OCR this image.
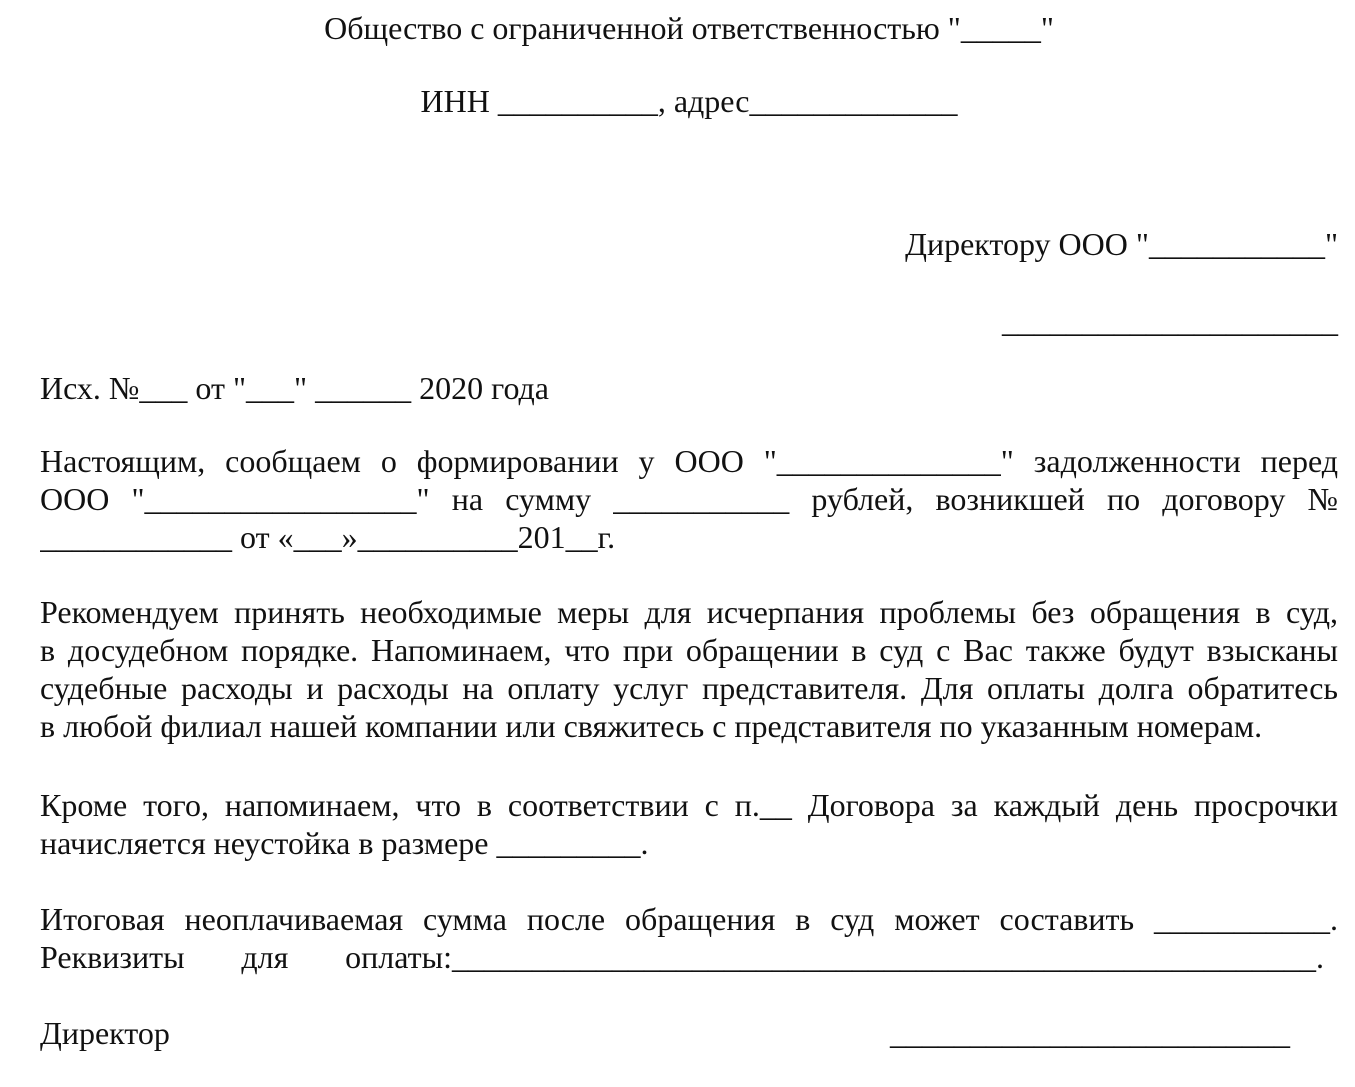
Общество с ограниченной ответственностью "_____"
ИНН __________, адрес_____________
Директору ООО "___________"
_____________________
Исх. №___ от "___" ______ 2020 года
Настоящим, сообщаем о формировании у ООО "______________" задолженности перед
ООО "_________________" на сумму ___________ рублей, возникшей по договору №
____________ от «___»__________201__г.
Рекомендуем принять необходимые меры для исчерпания проблемы без обращения в суд,
в досудебном порядке. Напоминаем, что при обращении в суд с Вас также будут взысканы
судебные расходы и расходы на оплату услуг представителя. Для оплаты долга обратитесь
в любой филиал нашей компании или свяжитесь с представителя по указанным номерам.
Кроме того, напоминаем, что в соответствии с п.__ Договора за каждый день просрочки
начисляется неустойка в размере _________.
Итоговая неоплачиваемая сумма после обращения в суд может составить ___________.
Реквизиты для оплаты:______________________________________________________.
Директор	_________________________
